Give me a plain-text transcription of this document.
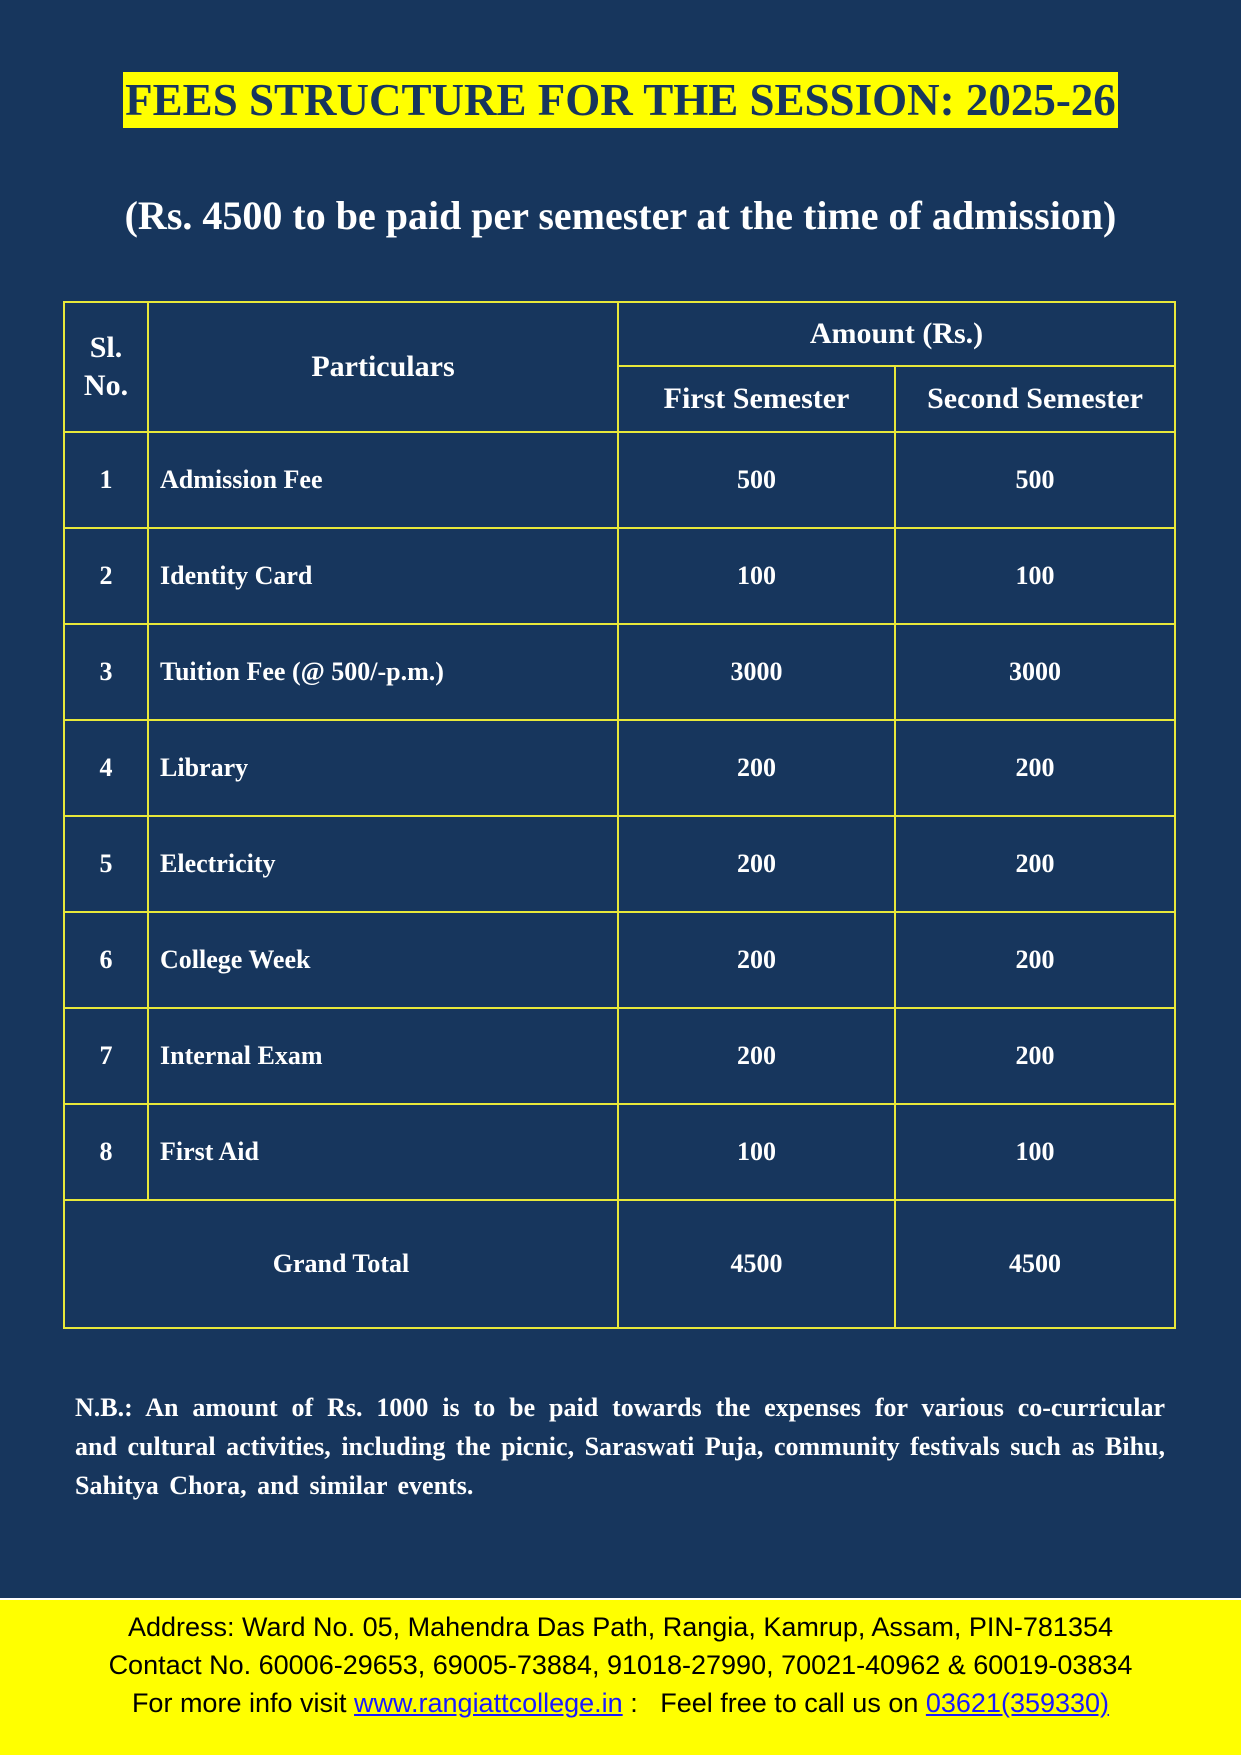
FEES STRUCTURE FOR THE SESSION: 2025-26
(Rs. 4500 to be paid per semester at the time of admission)
Sl.
No.	Particulars	Amount (Rs.)	
		First Semester	Second Semester
1	Admission Fee	500	500
2	Identity Card	100	100
3	Tuition Fee (@ 500/-p.m.)	3000	3000
4	Library	200	200
5	Electricity	200	200
6	College Week	200	200
7	Internal Exam	200	200
8	First Aid	100	100
Grand Total		4500	4500
N.B.: An amount of Rs. 1000 is to be paid towards the expenses for various co-curricular and cultural activities, including the picnic, Saraswati Puja, community festivals such as Bihu, Sahitya Chora, and similar events.
Address: Ward No. 05, Mahendra Das Path, Rangia, Kamrup, Assam, PIN-781354
Contact No. 60006-29653, 69005-73884, 91018-27990, 70021-40962 & 60019-03834
For more info visit www.rangiattcollege.in : Feel free to call us on 03621(359330)
